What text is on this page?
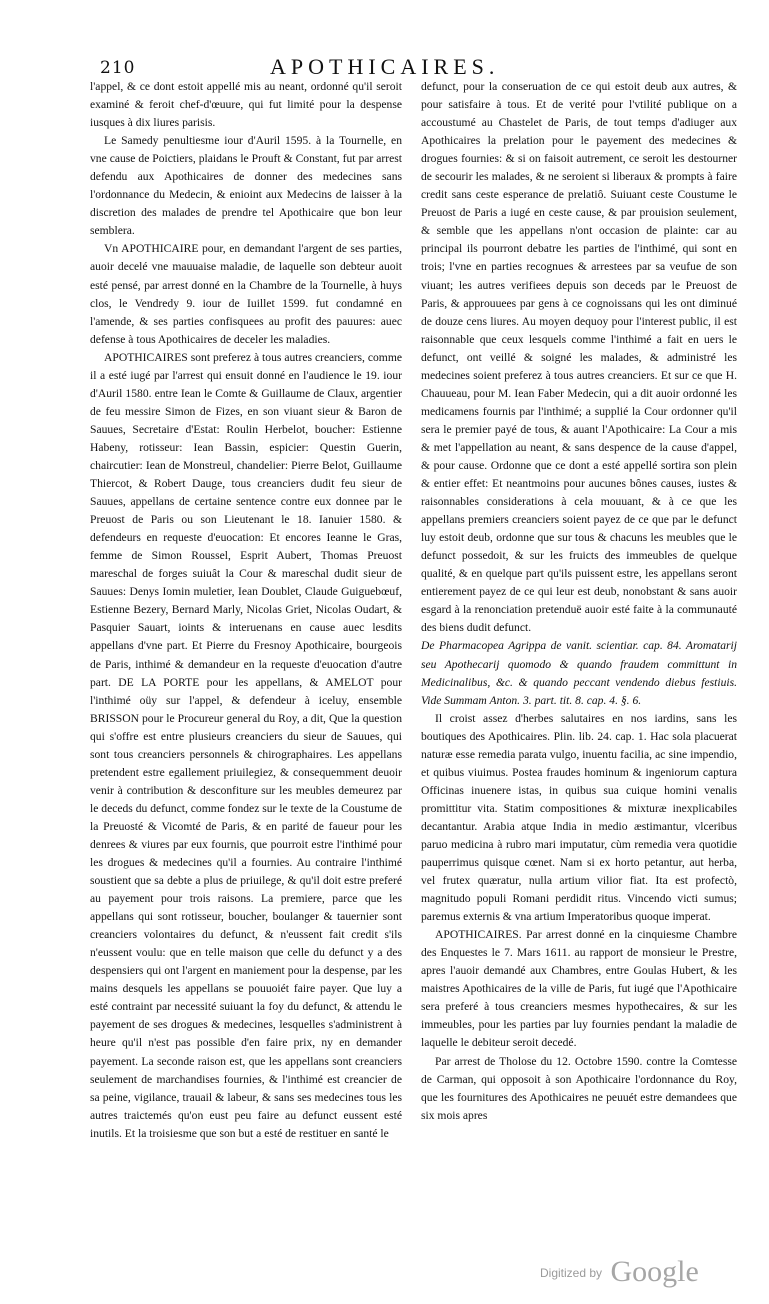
210	APOTHICAIRES.

l'appel, & ce dont estoit appellé mis au neant, ordonné qu'il seroit examiné & feroit chef-d'œuure, qui fut limité pour la despense iusques à dix liures parisis.

Le Samedy penultiesme iour d'Auril 1595. à la Tournelle, en vne cause de Poictiers, plaidans le Prouft & Constant, fut par arrest defendu aux Apothicaires de donner des medecines sans l'ordonnance du Medecin, & enioint aux Medecins de laisser à la discretion des malades de prendre tel Apothicaire que bon leur semblera.

Vn APOTHICAIRE pour, en demandant l'argent de ses parties, auoir decelé vne mauuaise maladie, de laquelle son debteur auoit esté pensé, par arrest donné en la Chambre de la Tournelle, à huys clos, le Vendredy 9. iour de Iuillet 1599. fut condamné en l'amende, & ses parties confisquees au profit des pauures: auec defense à tous Apothicaires de deceler les maladies.

APOTHICAIRES sont preferez à tous autres creanciers, comme il a esté iugé par l'arrest qui ensuit donné en l'audience le 19. iour d'Auril 1580. entre Iean le Comte & Guillaume de Claux, argentier de feu messire Simon de Fizes, en son viuant sieur & Baron de Sauues, Secretaire d'Estat: Roulin Herbelot, boucher: Estienne Habeny, rotisseur: Iean Bassin, espicier: Questin Guerin, chaircutier: Iean de Monstreul, chandelier: Pierre Belot, Guillaume Thiercot, & Robert Dauge, tous creanciers dudit feu sieur de Sauues, appellans de certaine sentence contre eux donnee par le Preuost de Paris ou son Lieutenant le 18. Ianuier 1580. & defendeurs en requeste d'euocation: Et encores Ieanne le Gras, femme de Simon Roussel, Esprit Aubert, Thomas Preuost mareschal de forges suiuât la Cour & mareschal dudit sieur de Sauues: Denys Iomin muletier, Iean Doublet, Claude Guiguebœuf, Estienne Bezery, Bernard Marly, Nicolas Griet, Nicolas Oudart, & Pasquier Sauart, ioints & interuenans en cause auec lesdits appellans d'vne part. Et Pierre du Fresnoy Apothicaire, bourgeois de Paris, inthimé & demandeur en la requeste d'euocation d'autre part. DE LA PORTE pour les appellans, & AMELOT pour l'inthimé oüy sur l'appel, & defendeur à iceluy, ensemble BRISSON pour le Procureur general du Roy, a dit, Que la question qui s'offre est entre plusieurs creanciers du sieur de Sauues, qui sont tous creanciers personnels & chirographaires. Les appellans pretendent estre egallement priuilegiez, & consequemment deuoir venir à contribution & desconfiture sur les meubles demeurez par le deceds du defunct, comme fondez sur le texte de la Coustume de la Preuosté & Vicomté de Paris, & en parité de faueur pour les denrees & viures par eux fournis, que pourroit estre l'inthimé pour les drogues & medecines qu'il a fournies. Au contraire l'inthimé soustient que sa debte a plus de priuilege, & qu'il doit estre preferé au payement pour trois raisons. La premiere, parce que les appellans qui sont rotisseur, boucher, boulanger & tauernier sont creanciers volontaires du defunct, & n'eussent fait credit s'ils n'eussent voulu: que en telle maison que celle du defunct y a des despensiers qui ont l'argent en maniement pour la despense, par les mains desquels les appellans se pouuoiét faire payer. Que luy a esté contraint par necessité suiuant la foy du defunct, & attendu le payement de ses drogues & medecines, lesquelles s'administrent à heure qu'il n'est pas possible d'en faire prix, ny en demander payement. La seconde raison est, que les appellans sont creanciers seulement de marchandises fournies, & l'inthimé est creancier de sa peine, vigilance, trauail & labeur, & sans ses medecines tous les autres traictemés qu'on eust peu faire au defunct eussent esté inutils. Et la troisiesme que son but a esté de restituer en santé le

defunct, pour la conseruation de ce qui estoit deub aux autres, & pour satisfaire à tous. Et de verité pour l'vtilité publique on a accoustumé au Chastelet de Paris, de tout temps d'adiuger aux Apothicaires la prelation pour le payement des medecines & drogues fournies: & si on faisoit autrement, ce seroit les destourner de secourir les malades, & ne seroient si liberaux & prompts à faire credit sans ceste esperance de prelatiô. Suiuant ceste Coustume le Preuost de Paris a iugé en ceste cause, & par prouision seulement, & semble que les appellans n'ont occasion de plainte: car au principal ils pourront debatre les parties de l'inthimé, qui sont en trois; l'vne en parties recognues & arrestees par sa veufue de son viuant; les autres verifiees depuis son deceds par le Preuost de Paris, & approuuees par gens à ce cognoissans qui les ont diminué de douze cens liures. Au moyen dequoy pour l'interest public, il est raisonnable que ceux lesquels comme l'inthimé a fait en uers le defunct, ont veillé & soigné les malades, & administré les medecines soient preferez à tous autres creanciers. Et sur ce que H. Chauueau, pour M. Iean Faber Medecin, qui a dit auoir ordonné les medicamens fournis par l'inthimé; a supplié la Cour ordonner qu'il sera le premier payé de tous, & auant l'Apothicaire: La Cour a mis & met l'appellation au neant, & sans despence de la cause d'appel, & pour cause. Ordonne que ce dont a esté appellé sortira son plein & entier effet: Et neantmoins pour aucunes bônes causes, iustes & raisonnables considerations à cela mouuant, & à ce que les appellans premiers creanciers soient payez de ce que par le defunct luy estoit deub, ordonne que sur tous & chacuns les meubles que le defunct possedoit, & sur les fruicts des immeubles de quelque qualité, & en quelque part qu'ils puissent estre, les appellans seront entierement payez de ce qui leur est deub, nonobstant & sans auoir esgard à la renonciation pretenduë auoir esté faite à la communauté des biens dudit defunct.

De Pharmacopea Agrippa de vanit. scientiar. cap. 84. Aromatarij seu Apothecarij quomodo & quando fraudem committunt in Medicinalibus, &c. & quando peccant vendendo diebus festiuis. Vide Summam Anton. 3. part. tit. 8. cap. 4. §. 6.

Il croist assez d'herbes salutaires en nos iardins, sans les boutiques des Apothicaires. Plin. lib. 24. cap. 1. Hac sola placuerat naturæ esse remedia parata vulgo, inuentu facilia, ac sine impendio, et quibus viuimus. Postea fraudes hominum & ingeniorum captura Officinas inuenere istas, in quibus sua cuique homini venalis promittitur vita. Statim compositiones & mixturæ inexplicabiles decantantur. Arabia atque India in medio æstimantur, vlceribus paruo medicina à rubro mari imputatur, cùm remedia vera quotidie pauperrimus quisque cœnet. Nam si ex horto petantur, aut herba, vel frutex quæratur, nulla artium vilior fiat. Ita est profectò, magnitudo populi Romani perdidit ritus. Vincendo victi sumus; paremus externis & vna artium Imperatoribus quoque imperat.

APOTHICAIRES. Par arrest donné en la cinquiesme Chambre des Enquestes le 7. Mars 1611. au rapport de monsieur le Prestre, apres l'auoir demandé aux Chambres, entre Goulas Hubert, & les maistres Apothicaires de la ville de Paris, fut iugé que l'Apothicaire sera preferé à tous creanciers mesmes hypothecaires, & sur les immeubles, pour les parties par luy fournies pendant la maladie de laquelle le debiteur seroit decedé.

Par arrest de Tholose du 12. Octobre 1590. contre la Comtesse de Carman, qui opposoit à son Apothicaire l'ordonnance du Roy, que les fournitures des Apothicaires ne peuuét estre demandees que six mois apres

$^{Digitized by}$ Google
